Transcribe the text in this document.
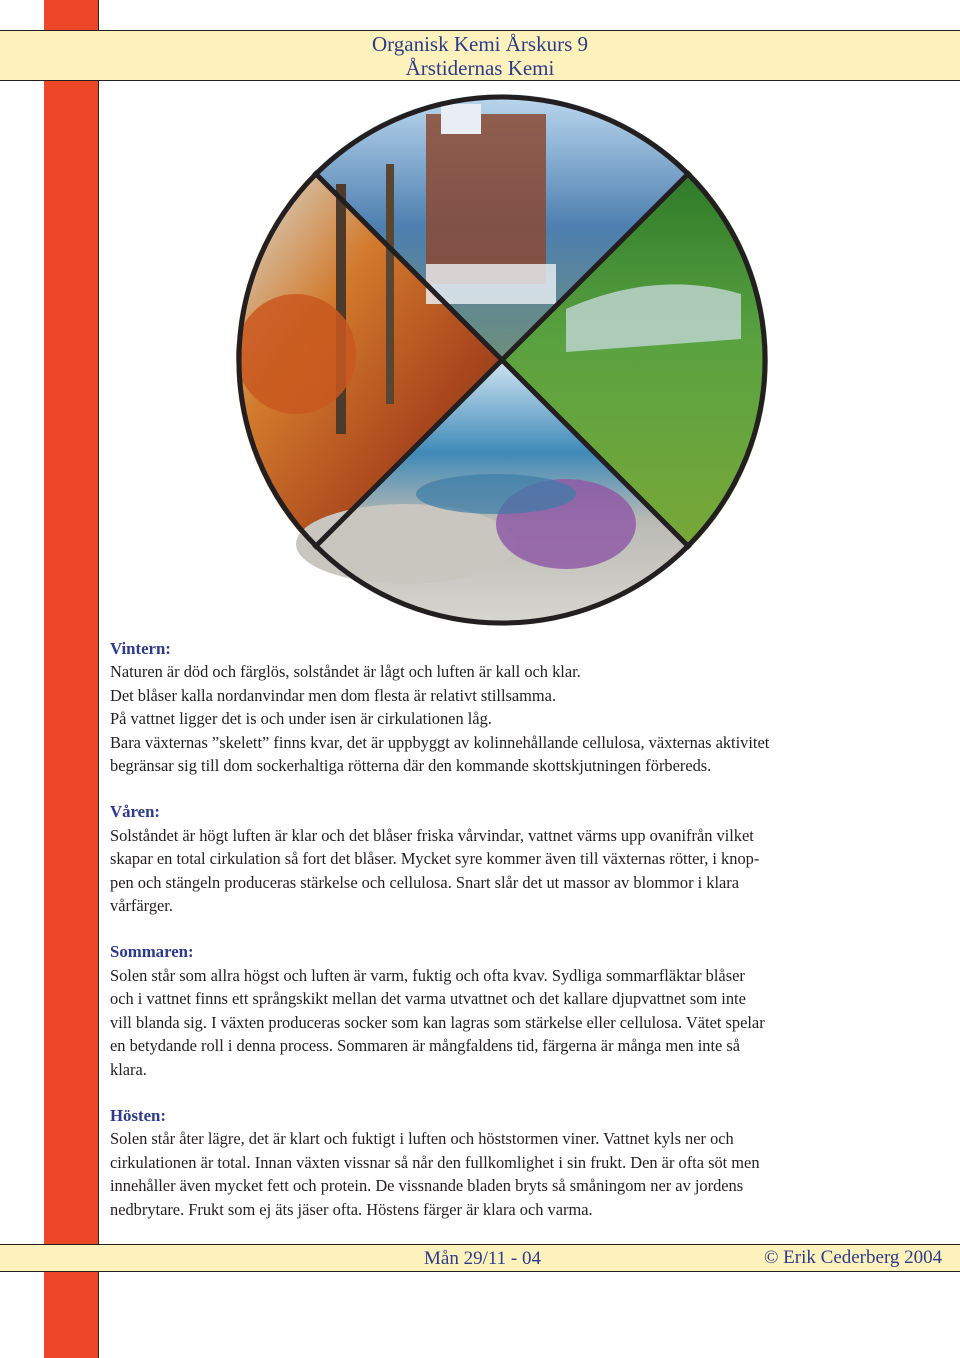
Organisk Kemi Årskurs 9
Årstidernas Kemi
Vintern:
Naturen är död och färglös, solståndet är lågt och luften är kall och klar.
Det blåser kalla nordanvindar men dom flesta är relativt stillsamma.
På vattnet ligger det is och under isen är cirkulationen låg.
Bara växternas ”skelett” finns kvar, det är uppbyggt av kolinnehållande cellulosa, växternas aktivitet
begränsar sig till dom sockerhaltiga rötterna där den kommande skottskjutningen förbereds.
Våren:
Solståndet är högt luften är klar och det blåser friska vårvindar, vattnet värms upp ovanifrån vilket
skapar en total cirkulation så fort det blåser. Mycket syre kommer även till växternas rötter, i knop-
pen och stängeln produceras stärkelse och cellulosa. Snart slår det ut massor av blommor i klara
vårfärger.
Sommaren:
Solen står som allra högst och luften är varm, fuktig och ofta kvav. Sydliga sommarfläktar blåser
och i vattnet finns ett språngskikt mellan det varma utvattnet och det kallare djupvattnet som inte
vill blanda sig. I växten produceras socker som kan lagras som stärkelse eller cellulosa. Vätet spelar
en betydande roll i denna process. Sommaren är mångfaldens tid, färgerna är många men inte så
klara.
Hösten:
Solen står åter lägre, det är klart och fuktigt i luften och höststormen viner. Vattnet kyls ner och
cirkulationen är total. Innan växten vissnar så når den fullkomlighet i sin frukt. Den är ofta söt men
innehåller även mycket fett och protein. De vissnande bladen bryts så småningom ner av jordens
nedbrytare. Frukt som ej äts jäser ofta. Höstens färger är klara och varma.
Mån 29/11 - 04	© Erik Cederberg 2004
